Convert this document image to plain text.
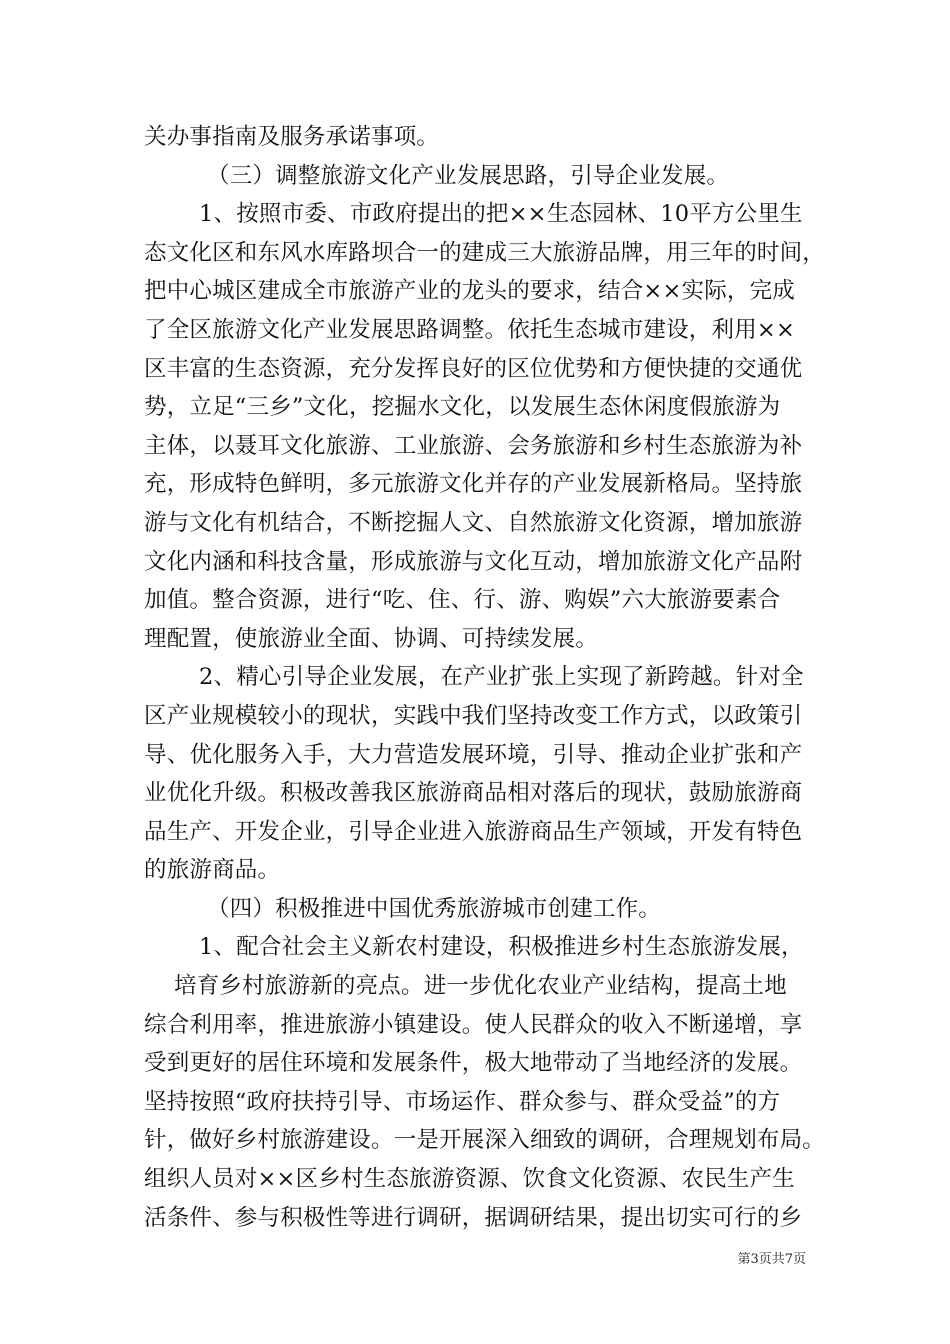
关办事指南及服务承诺事项。
（三）调整旅游文化产业发展思路，引导企业发展。
1、按照市委、市政府提出的把××生态园林、10平方公里生
态文化区和东风水库路坝合一的建成三大旅游品牌，用三年的时间，
把中心城区建成全市旅游产业的龙头的要求，结合××实际，完成
了全区旅游文化产业发展思路调整。依托生态城市建设，利用××
区丰富的生态资源，充分发挥良好的区位优势和方便快捷的交通优
势，立足“三乡”文化，挖掘水文化，以发展生态休闲度假旅游为
主体，以聂耳文化旅游、工业旅游、会务旅游和乡村生态旅游为补
充，形成特色鲜明，多元旅游文化并存的产业发展新格局。坚持旅
游与文化有机结合，不断挖掘人文、自然旅游文化资源，增加旅游
文化内涵和科技含量，形成旅游与文化互动，增加旅游文化产品附
加值。整合资源，进行“吃、住、行、游、购娱”六大旅游要素合
理配置，使旅游业全面、协调、可持续发展。
2、精心引导企业发展，在产业扩张上实现了新跨越。针对全
区产业规模较小的现状，实践中我们坚持改变工作方式，以政策引
导、优化服务入手，大力营造发展环境，引导、推动企业扩张和产
业优化升级。积极改善我区旅游商品相对落后的现状，鼓励旅游商
品生产、开发企业，引导企业进入旅游商品生产领域，开发有特色
的旅游商品。
（四）积极推进中国优秀旅游城市创建工作。
1、配合社会主义新农村建设，积极推进乡村生态旅游发展，
培育乡村旅游新的亮点。进一步优化农业产业结构，提高土地
综合利用率，推进旅游小镇建设。使人民群众的收入不断递增，享
受到更好的居住环境和发展条件，极大地带动了当地经济的发展。
坚持按照“政府扶持引导、市场运作、群众参与、群众受益”的方
针，做好乡村旅游建设。一是开展深入细致的调研，合理规划布局。
组织人员对××区乡村生态旅游资源、饮食文化资源、农民生产生
活条件、参与积极性等进行调研，据调研结果，提出切实可行的乡
第3页共7页
